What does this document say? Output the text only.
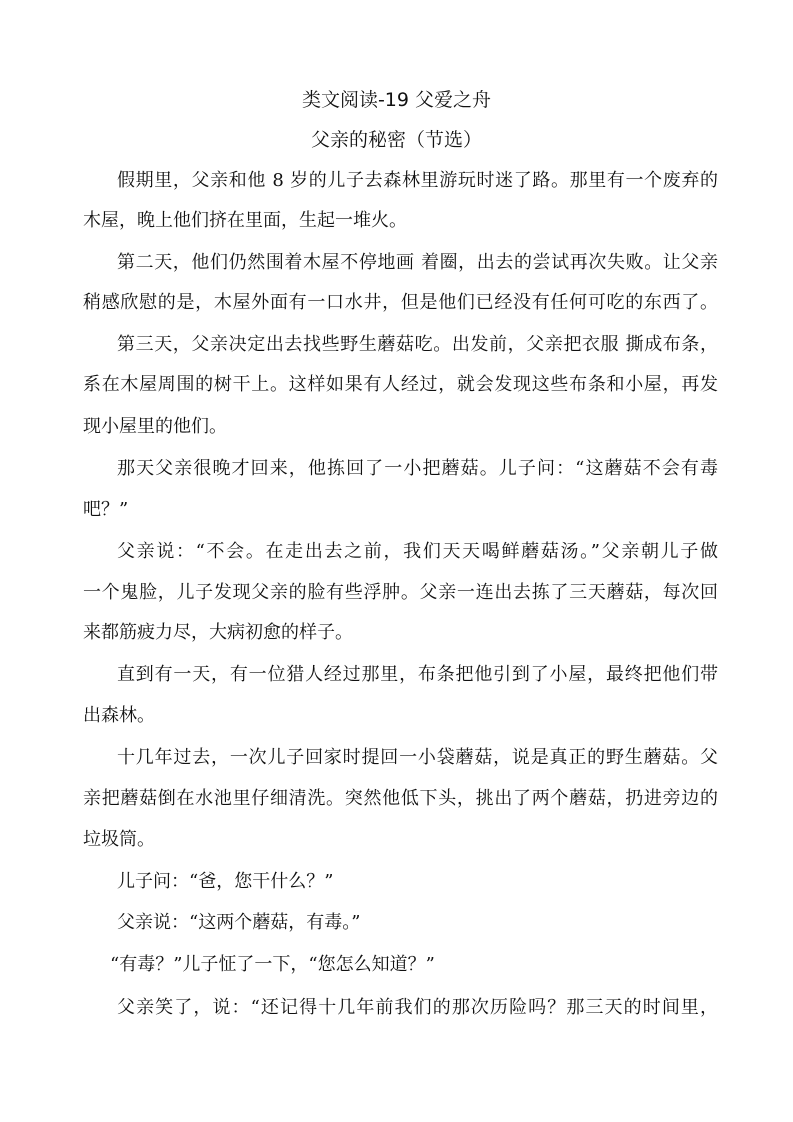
类文阅读-19 父爱之舟
父亲的秘密（节选）
假期里，父亲和他 8 岁的儿子去森林里游玩时迷了路。那里有一个废弃的
木屋，晚上他们挤在里面，生起一堆火。
第二天，他们仍然围着木屋不停地画 着圈，出去的尝试再次失败。让父亲
稍感欣慰的是，木屋外面有一口水井，但是他们已经没有任何可吃的东西了。
第三天，父亲决定出去找些野生蘑菇吃。出发前，父亲把衣服 撕成布条，
系在木屋周围的树干上。这样如果有人经过，就会发现这些布条和小屋，再发
现小屋里的他们。
那天父亲很晚才回来，他拣回了一小把蘑菇。儿子问：“这蘑菇不会有毒
吧？”
父亲说：“不会。在走出去之前，我们天天喝鲜蘑菇汤。”父亲朝儿子做
一个鬼脸，儿子发现父亲的脸有些浮肿。父亲一连出去拣了三天蘑菇，每次回
来都筋疲力尽，大病初愈的样子。
直到有一天，有一位猎人经过那里，布条把他引到了小屋，最终把他们带
出森林。
十几年过去，一次儿子回家时提回一小袋蘑菇，说是真正的野生蘑菇。父
亲把蘑菇倒在水池里仔细清洗。突然他低下头，挑出了两个蘑菇，扔进旁边的
垃圾筒。
儿子问：“爸，您干什么？”
父亲说：“这两个蘑菇，有毒。”
“有毒？”儿子怔了一下，“您怎么知道？”
父亲笑了，说：“还记得十几年前我们的那次历险吗？那三天的时间里，
